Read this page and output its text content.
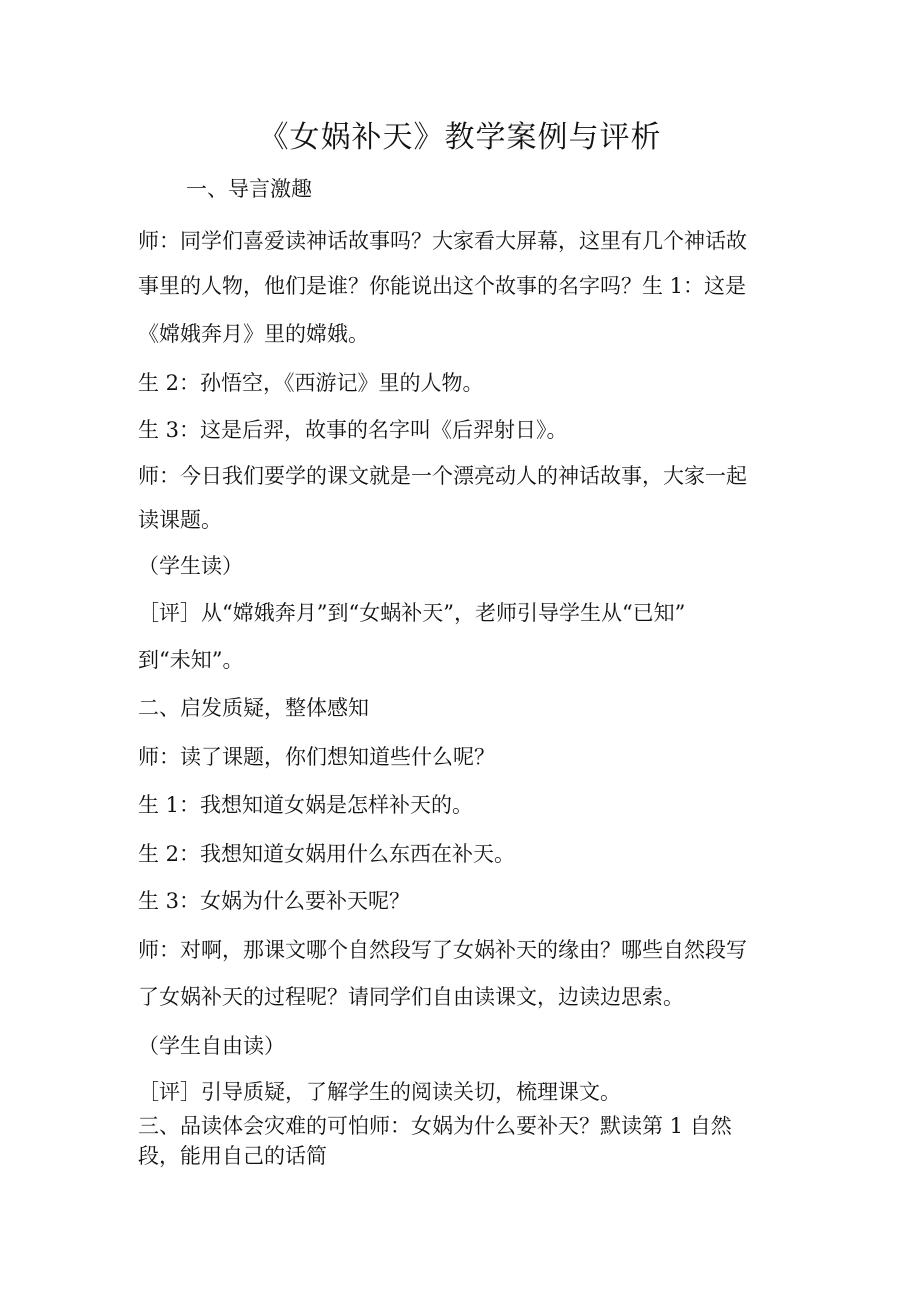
《女娲补天》教学案例与评析
一、导言激趣
师：同学们喜爱读神话故事吗？大家看大屏幕，这里有几个神话故
事里的人物，他们是谁？你能说出这个故事的名字吗？生 1：这是
《嫦娥奔月》里的嫦娥。
生 2：孙悟空，《西游记》里的人物。
生 3：这是后羿，故事的名字叫《后羿射日》。
师：今日我们要学的课文就是一个漂亮动人的神话故事，大家一起
读课题。
（学生读）
［评］从“嫦娥奔月”到“女蜗补天”，老师引导学生从“已知”
到“未知”。
二、启发质疑，整体感知
师：读了课题，你们想知道些什么呢？
生 1：我想知道女娲是怎样补天的。
生 2：我想知道女娲用什么东西在补天。
生 3：女娲为什么要补天呢？
师：对啊，那课文哪个自然段写了女娲补天的缘由？哪些自然段写
了女娲补天的过程呢？请同学们自由读课文，边读边思索。
（学生自由读）
［评］引导质疑，了解学生的阅读关切，梳理课文。
三、品读体会灾难的可怕师：女娲为什么要补天？默读第 1 自然
段，能用自己的话简
